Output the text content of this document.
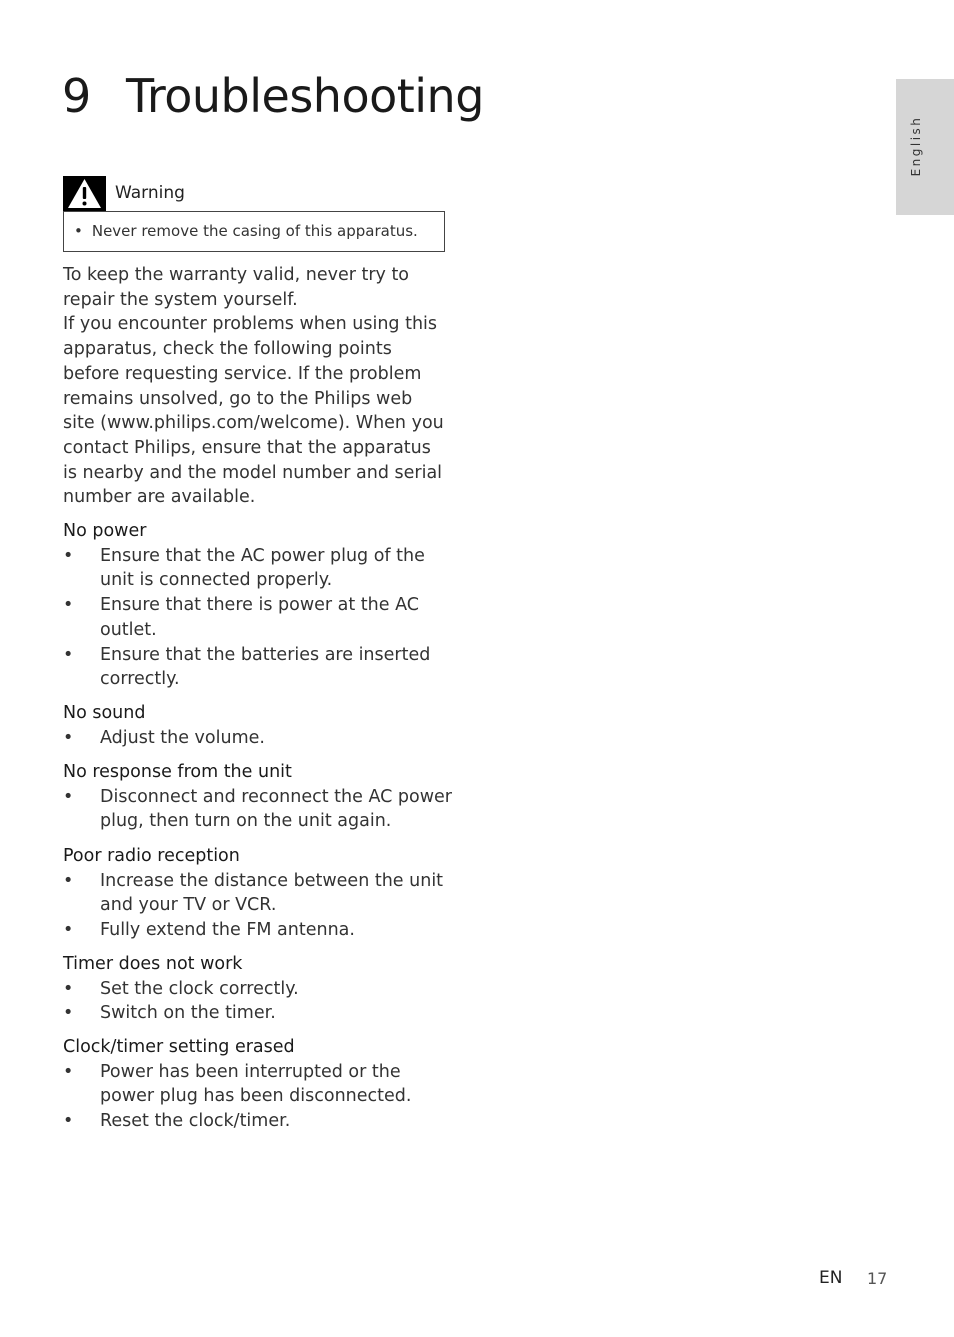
English
9 Troubleshooting
Warning
• Never remove the casing of this apparatus.

To keep the warranty valid, never try to repair the system yourself.

If you encounter problems when using this apparatus, check the following points before requesting service. If the problem remains unsolved, go to the Philips web site (www.philips.com/welcome). When you contact Philips, ensure that the apparatus is nearby and the model number and serial number are available.

No power
• Ensure that the AC power plug of the unit is connected properly.
• Ensure that there is power at the AC outlet.
• Ensure that the batteries are inserted correctly.
No sound
• Adjust the volume.
No response from the unit
• Disconnect and reconnect the AC power plug, then turn on the unit again.
Poor radio reception
• Increase the distance between the unit and your TV or VCR.
• Fully extend the FM antenna.
Timer does not work
• Set the clock correctly.
• Switch on the timer.
Clock/timer setting erased
• Power has been interrupted or the power plug has been disconnected.
• Reset the clock/timer.
EN 17
